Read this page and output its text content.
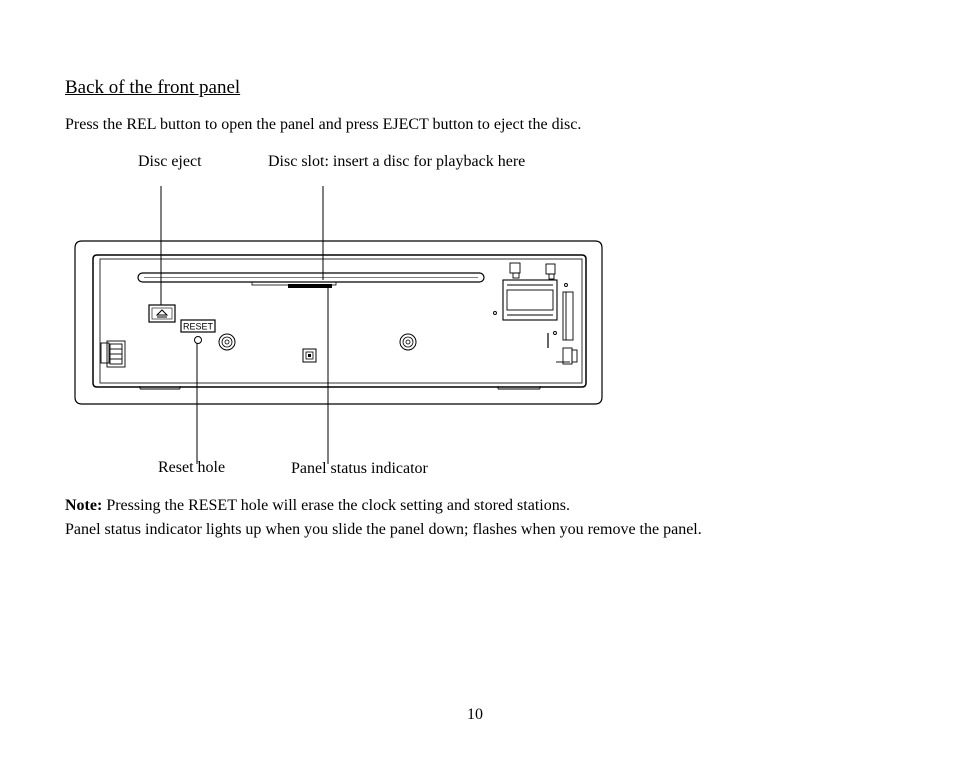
Back of the front panel
Press the REL button to open the panel and press EJECT button to eject the disc.
Disc eject	Disc slot: insert a disc for playback here
RESET
Reset hole	Panel status indicator
Note: Pressing the RESET hole will erase the clock setting and stored stations.
Panel status indicator lights up when you slide the panel down; flashes when you remove the panel.
10
